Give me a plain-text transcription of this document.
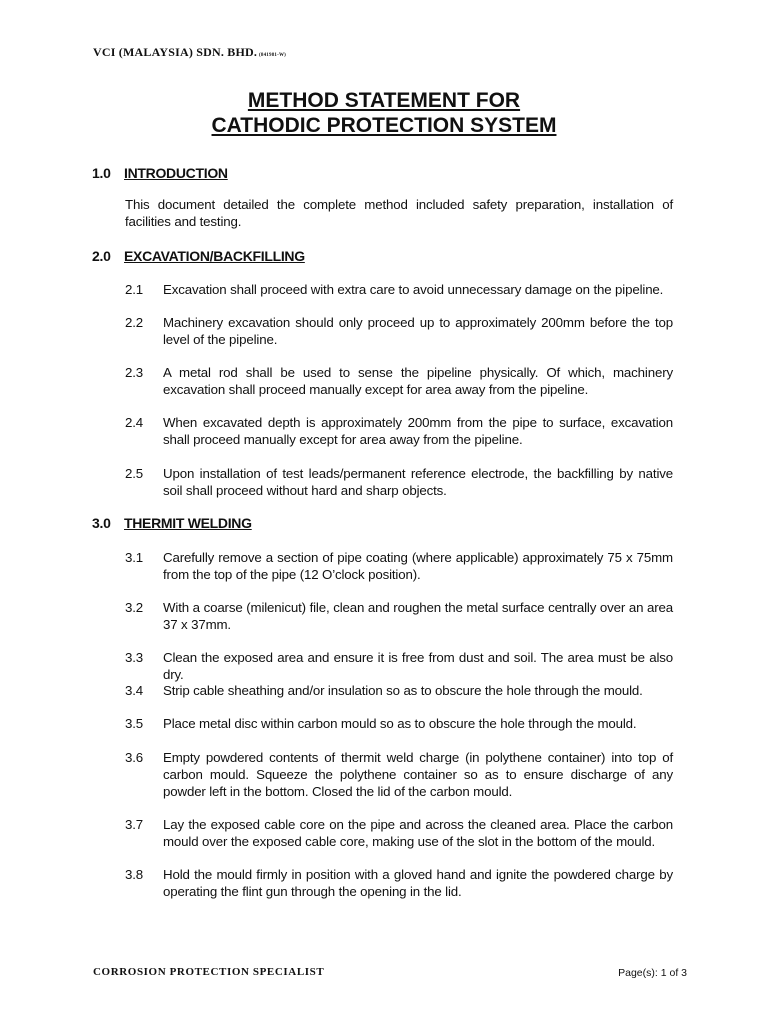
VCI (MALAYSIA) SDN. BHD. (841981-W)
METHOD STATEMENT FOR
CATHODIC PROTECTION SYSTEM
1.0 INTRODUCTION
This document detailed the complete method included safety preparation, installation of facilities and testing.
2.0 EXCAVATION/BACKFILLING
2.1 Excavation shall proceed with extra care to avoid unnecessary damage on the pipeline.
2.2 Machinery excavation should only proceed up to approximately 200mm before the top level of the pipeline.
2.3 A metal rod shall be used to sense the pipeline physically. Of which, machinery excavation shall proceed manually except for area away from the pipeline.
2.4 When excavated depth is approximately 200mm from the pipe to surface, excavation shall proceed manually except for area away from the pipeline.
2.5 Upon installation of test leads/permanent reference electrode, the backfilling by native soil shall proceed without hard and sharp objects.
3.0 THERMIT WELDING
3.1 Carefully remove a section of pipe coating (where applicable) approximately 75 x 75mm from the top of the pipe (12 O’clock position).
3.2 With a coarse (milenicut) file, clean and roughen the metal surface centrally over an area 37 x 37mm.
3.3 Clean the exposed area and ensure it is free from dust and soil. The area must be also dry.
3.4 Strip cable sheathing and/or insulation so as to obscure the hole through the mould.
3.5 Place metal disc within carbon mould so as to obscure the hole through the mould.
3.6 Empty powdered contents of thermit weld charge (in polythene container) into top of carbon mould. Squeeze the polythene container so as to ensure discharge of any powder left in the bottom. Closed the lid of the carbon mould.
3.7 Lay the exposed cable core on the pipe and across the cleaned area. Place the carbon mould over the exposed cable core, making use of the slot in the bottom of the mould.
3.8 Hold the mould firmly in position with a gloved hand and ignite the powdered charge by operating the flint gun through the opening in the lid.
CORROSION PROTECTION SPECIALIST	Page(s): 1 of 3
